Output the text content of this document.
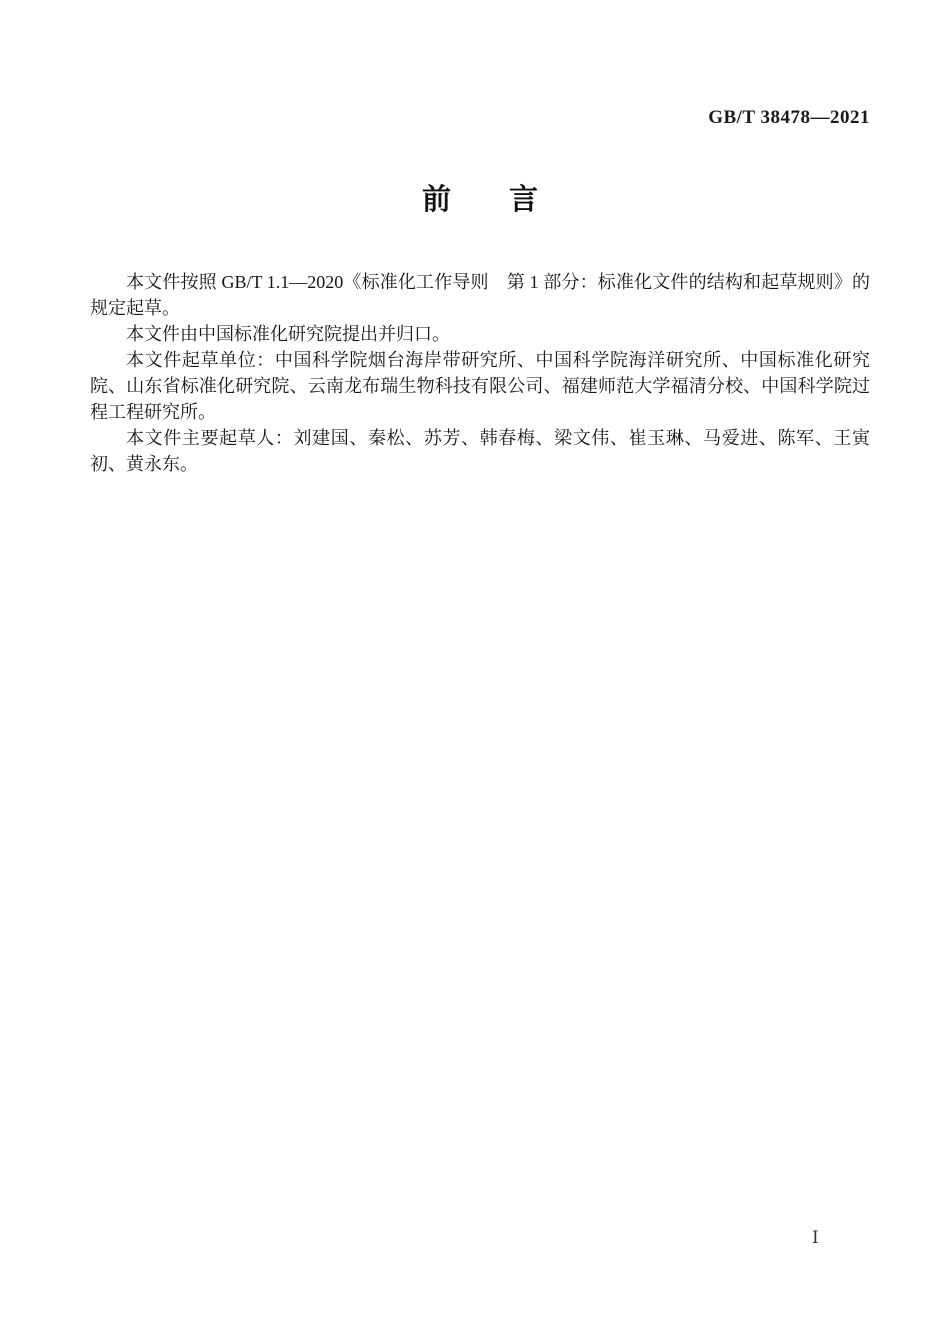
GB/T 38478—2021
前　　言

本文件按照 GB/T 1.1—2020《标准化工作导则　第 1 部分：标准化文件的结构和起草规则》的规定起草。

本文件由中国标准化研究院提出并归口。

本文件起草单位：中国科学院烟台海岸带研究所、中国科学院海洋研究所、中国标准化研究院、山东省标准化研究院、云南龙布瑞生物科技有限公司、福建师范大学福清分校、中国科学院过程工程研究所。

本文件主要起草人：刘建国、秦松、苏芳、韩春梅、梁文伟、崔玉琳、马爱进、陈军、王寅初、黄永东。

Ⅰ
